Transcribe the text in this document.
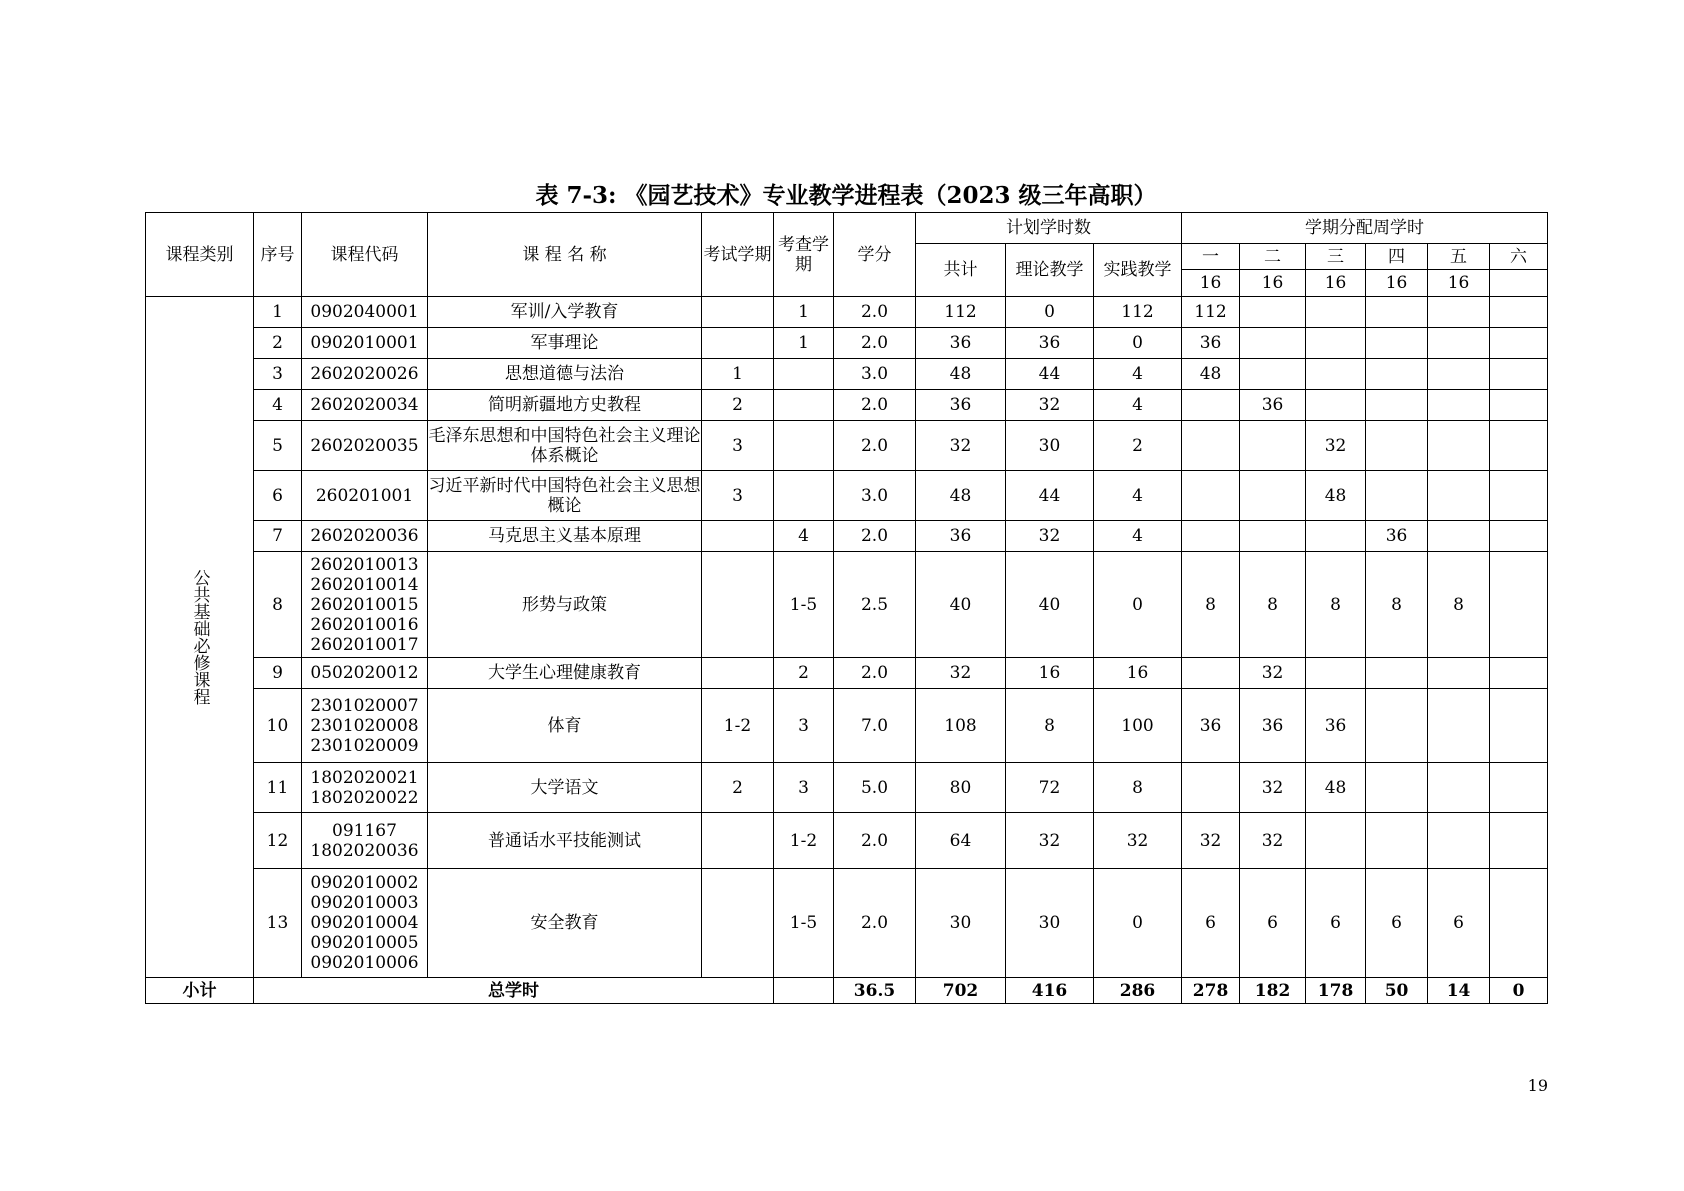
表 7-3: 《园艺技术》专业教学进程表（2023 级三年高职）
课程类别	序号	课程代码	课 程 名 称	考试学期	考查学期	学分	计划学时数			学期分配周学时					
							共计	理论教学	实践教学	一	二	三	四	五	六
										16	16	16	16	16	
公共基础必修课程	1	0902040001	军训/入学教育		1	2.0	112	0	112	112					
	2	0902010001	军事理论		1	2.0	36	36	0	36					
	3	2602020026	思想道德与法治	1		3.0	48	44	4	48					
	4	2602020034	简明新疆地方史教程	2		2.0	36	32	4		36				
	5	2602020035	毛泽东思想和中国特色社会主义理论体系概论	3		2.0	32	30	2			32			
	6	260201001	习近平新时代中国特色社会主义思想概论	3		3.0	48	44	4			48			
	7	2602020036	马克思主义基本原理		4	2.0	36	32	4				36		
	8	2602010013
2602010014
2602010015
2602010016
2602010017	形势与政策		1-5	2.5	40	40	0	8	8	8	8	8	
	9	0502020012	大学生心理健康教育		2	2.0	32	16	16		32				
	10	2301020007
2301020008
2301020009	体育	1-2	3	7.0	108	8	100	36	36	36			
	11	1802020021
1802020022	大学语文	2	3	5.0	80	72	8		32	48			
	12	091167
1802020036	普通话水平技能测试		1-2	2.0	64	32	32	32	32				
	13	0902010002
0902010003
0902010004
0902010005
0902010006	安全教育		1-5	2.0	30	30	0	6	6	6	6	6	
小计	总学时					36.5	702	416	286	278	182	178	50	14	0
19
